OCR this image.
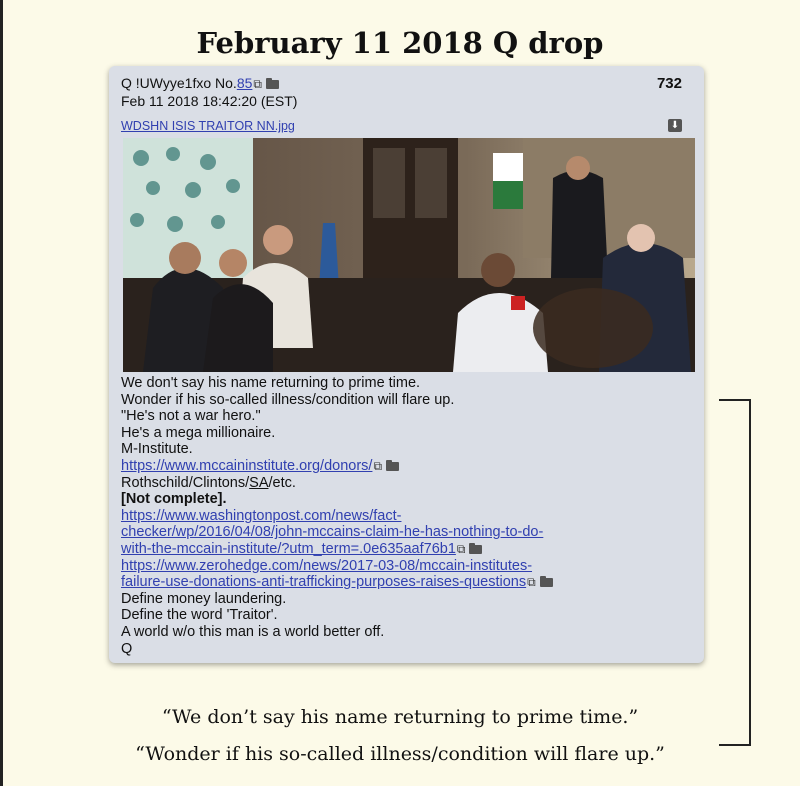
February 11 2018 Q drop
Q !UWyye1fxo No.85⧉
Feb 11 2018 18:42:20 (EST)
732
WDSHN ISIS TRAITOR NN.jpg	⬇
We don't say his name returning to prime time.
Wonder if his so-called illness/condition will flare up.
"He's not a war hero."
He's a mega millionaire.
M-Institute.
https://www.mccaininstitute.org/donors/⧉
Rothschild/Clintons/SA/etc.
[Not complete].
https://www.washingtonpost.com/news/fact-
checker/wp/2016/04/08/john-mccains-claim-he-has-nothing-to-do-
with-the-mccain-institute/?utm_term=.0e635aaf76b1⧉
https://www.zerohedge.com/news/2017-03-08/mccain-institutes-
failure-use-donations-anti-trafficking-purposes-raises-questions⧉
Define money laundering.
Define the word 'Traitor'.
A world w/o this man is a world better off.
Q
“We don’t say his name returning to prime time.”
“Wonder if his so-called illness/condition will flare up.”
